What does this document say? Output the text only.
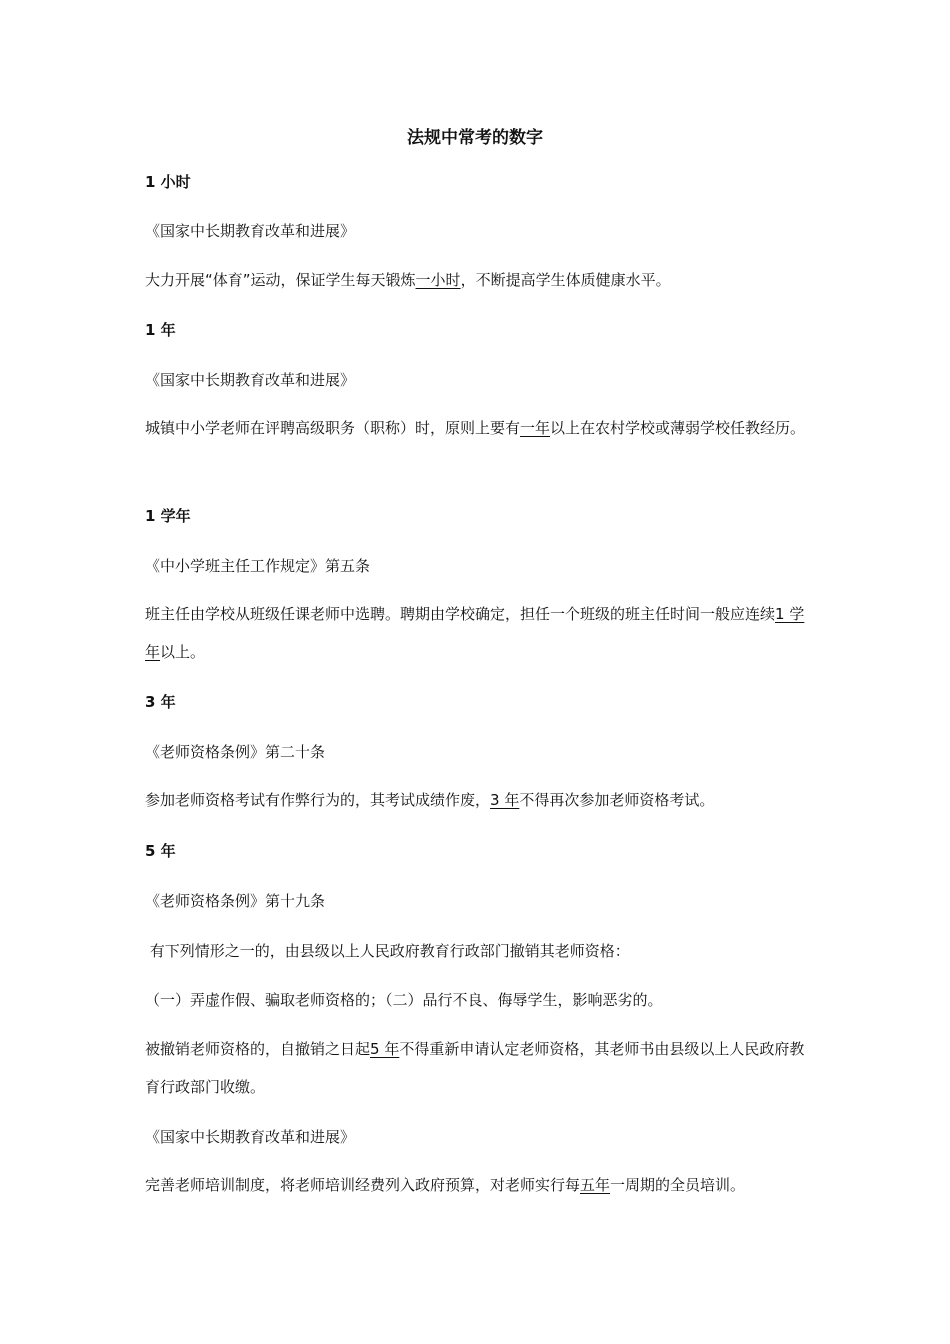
法规中常考的数字
1 小时
《国家中长期教育改革和进展》
大力开展“体育”运动，保证学生每天锻炼一小时，不断提高学生体质健康水平。
1 年
《国家中长期教育改革和进展》
城镇中小学老师在评聘高级职务（职称）时，原则上要有一年以上在农村学校或薄弱学校任教经历。
1 学年
《中小学班主任工作规定》第五条
班主任由学校从班级任课老师中选聘。聘期由学校确定，担任一个班级的班主任时间一般应连续1 学年以上。
3 年
《老师资格条例》第二十条
参加老师资格考试有作弊行为的，其考试成绩作废，3 年不得再次参加老师资格考试。
5 年
《老师资格条例》第十九条
有下列情形之一的，由县级以上人民政府教育行政部门撤销其老师资格：
（一）弄虚作假、骗取老师资格的；（二）品行不良、侮辱学生，影响恶劣的。
被撤销老师资格的，自撤销之日起5 年不得重新申请认定老师资格，其老师书由县级以上人民政府教育行政部门收缴。
《国家中长期教育改革和进展》
完善老师培训制度，将老师培训经费列入政府预算，对老师实行每五年一周期的全员培训。
